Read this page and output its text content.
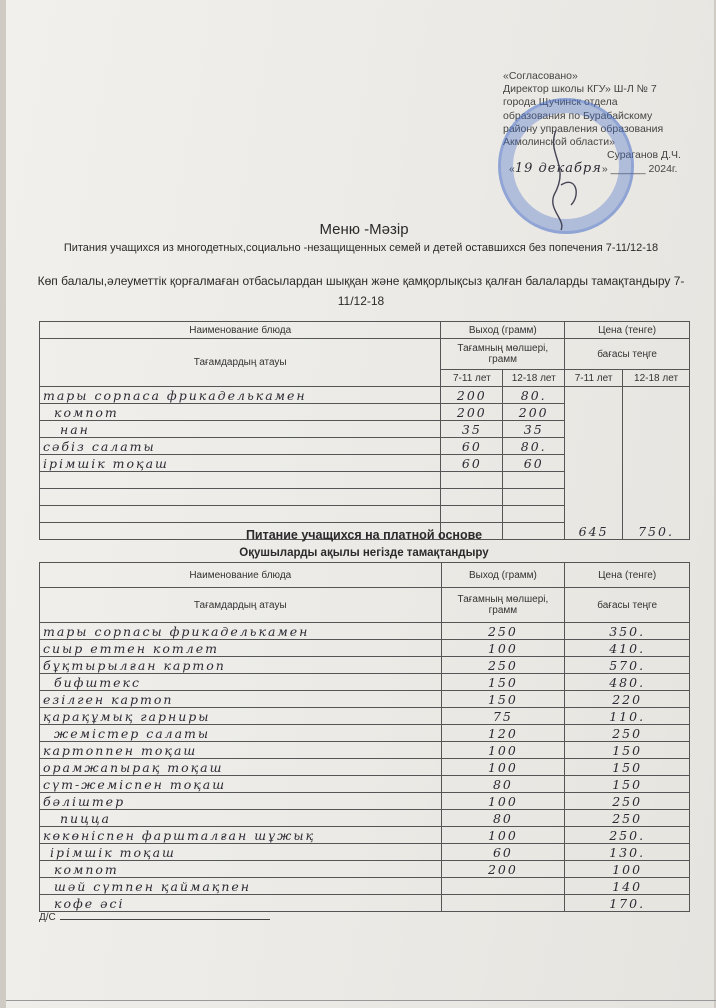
«Согласовано»
Директор школы КГУ» Ш-Л № 7
города Щучинск отдела
образования по Бурабайскому
району управления образования
Акмолинской области»
Сураганов Д.Ч.
«19 декабря» ______ 2024г.
Меню -Мәзір
Питания учащихся из многодетных,социально -незащищенных семей и детей оставшихся без попечения 7-11/12-18
Көп балалы,әлеуметтік қорғалмаған отбасылардан шыққан және қамқорлықсыз қалған балаларды тамақтандыру 7-11/12-18
Наименование блюда	Выход (грамм)		Цена (тенге)	
Тағамдардың атауы	Тағамның мөлшері, грамм		бағасы теңге	
	7-11 лет	12-18 лет	7-11 лет	12-18 лет
тары сорпаса фрикаделькамен	200	80.	645	750.
компот	200	200		
нан	35	35		
сәбіз салаты	60	80.		
ірімшік тоқаш	60	60		

Питание учащихся на платной основе
Оқушыларды ақылы негізде тамақтандыру
Наименование блюда	Выход (грамм)	Цена (тенге)
Тағамдардың атауы	Тағамның мөлшері, грамм	бағасы теңге
тары сорпасы фрикаделькамен	250	350.
сиыр еттен котлет	100	410.
бұқтырылған картоп	250	570.
бифштекс	150	480.
езілген картоп	150	220
қарақұмық гарниры	75	110.
жемістер салаты	120	250
картоппен тоқаш	100	150
орамжапырақ тоқаш	100	150
сүт-жеміспен тоқаш	80	150
бәліштер	100	250
пицца	80	250
көкөніспен фаршталған шұжық	100	250.
ірімшік тоқаш	60	130.
компот	200	100
шәй сүтпен қаймақпен		140
кофе əсі		170.
Д/С
